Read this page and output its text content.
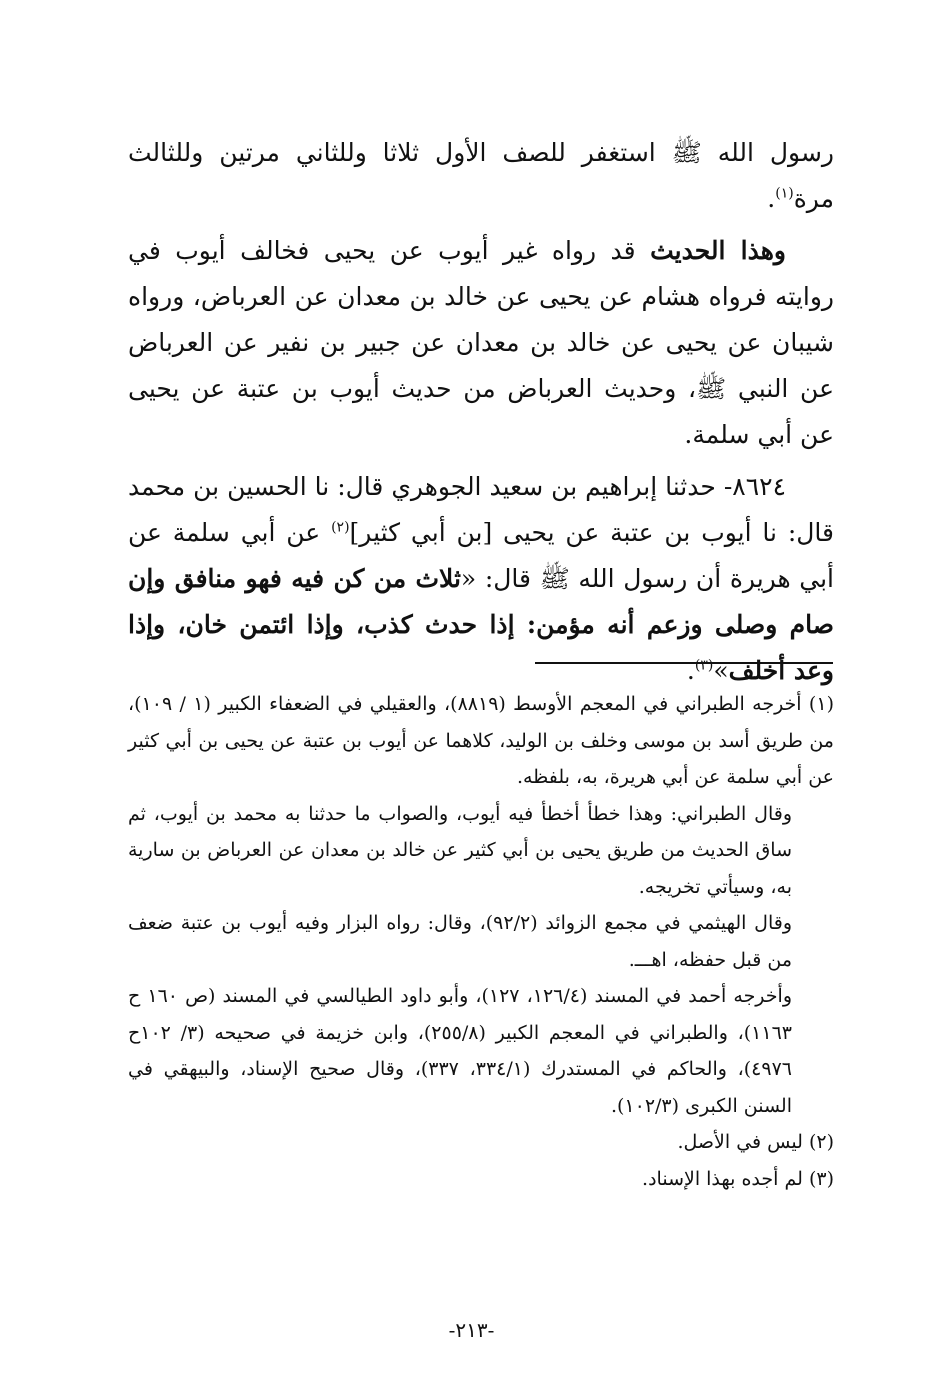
رسول الله ﷺ استغفر للصف الأول ثلاثا وللثاني مرتين وللثالث مرة$^{(١)}$.

وهذا الحديث قد رواه غير أيوب عن يحيى فخالف أيوب في روايته فرواه هشام عن يحيى عن خالد بن معدان عن العرباض، ورواه شيبان عن يحيى عن خالد بن معدان عن جبير بن نفير عن العرباض عن النبي ﷺ، وحديث العرباض من حديث أيوب بن عتبة عن يحيى عن أبي سلمة.

٨٦٢٤- حدثنا إبراهيم بن سعيد الجوهري قال: نا الحسين بن محمد قال: نا أيوب بن عتبة عن يحيى [بن أبي كثير]$^{(٢)}$ عن أبي سلمة عن أبي هريرة أن رسول الله ﷺ قال: «ثلاث من كن فيه فهو منافق وإن صام وصلى وزعم أنه مؤمن: إذا حدث كذب، وإذا ائتمن خان، وإذا وعد أخلف»$^{(٣)}$.

(١) أخرجه الطبراني في المعجم الأوسط (٨٨١٩)، والعقيلي في الضعفاء الكبير (١ / ١٠٩)، من طريق أسد بن موسى وخلف بن الوليد، كلاهما عن أيوب بن عتبة عن يحيى بن أبي كثير عن أبي سلمة عن أبي هريرة، به، بلفظه.

وقال الطبراني: وهذا خطأ أخطأ فيه أيوب، والصواب ما حدثنا به محمد بن أيوب، ثم ساق الحديث من طريق يحيى بن أبي كثير عن خالد بن معدان عن العرباض بن سارية به، وسيأتي تخريجه.

وقال الهيثمي في مجمع الزوائد (٩٢/٢)، وقال: رواه البزار وفيه أيوب بن عتبة ضعف من قبل حفظه، اهـــ.

وأخرجه أحمد في المسند (١٢٦/٤، ١٢٧)، وأبو داود الطيالسي في المسند (ص ١٦٠ ح ١١٦٣)، والطبراني في المعجم الكبير (٢٥٥/٨)، وابن خزيمة في صحيحه (٣/ ١٠٢ح ٤٩٧٦)، والحاكم في المستدرك (٣٣٤/١، ٣٣٧)، وقال صحيح الإسناد، والبيهقي في السنن الكبرى (١٠٢/٣).

(٢) ليس في الأصل.

(٣) لم أجده بهذا الإسناد.

-٢١٣-
